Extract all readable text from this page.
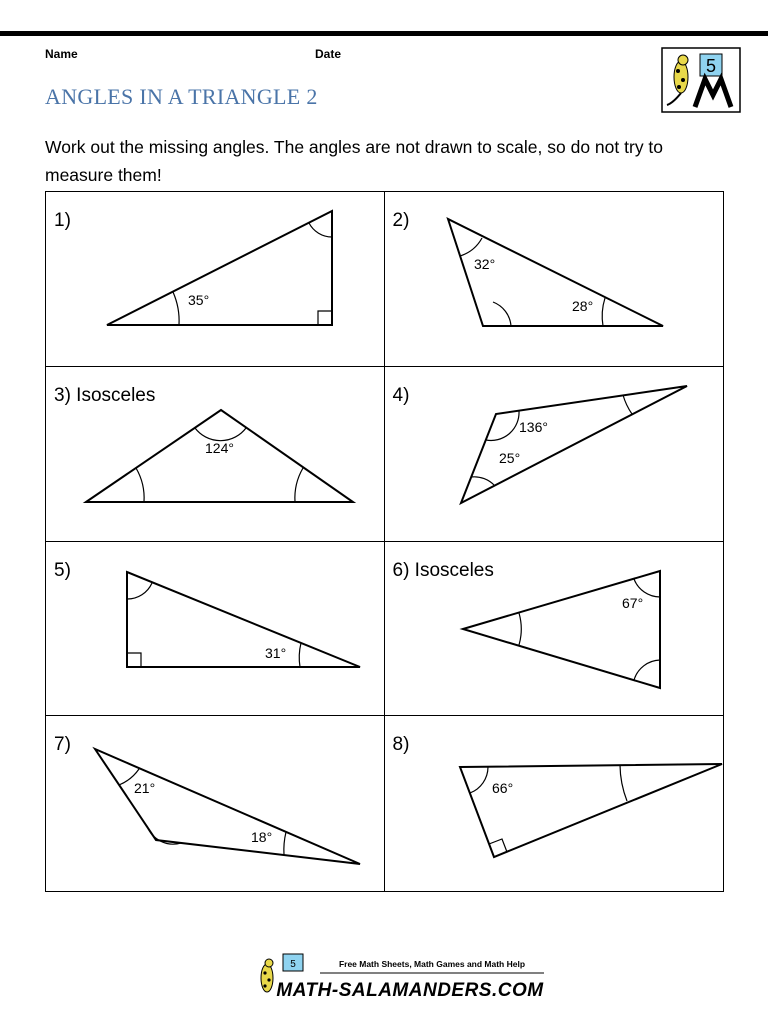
Name	Date
ANGLES IN A TRIANGLE 2
5

Work out the missing angles. The angles are not drawn to scale, so do not try to measure them!

1)
35°
2)
32°
28°
3) Isosceles
124°
4)
136°
25°
5)
31°
6) Isosceles
67°
7)
21°
18°
8)
66°
5	Free Math Sheets, Math Games and Math Help
MATH-SALAMANDERS.COM
